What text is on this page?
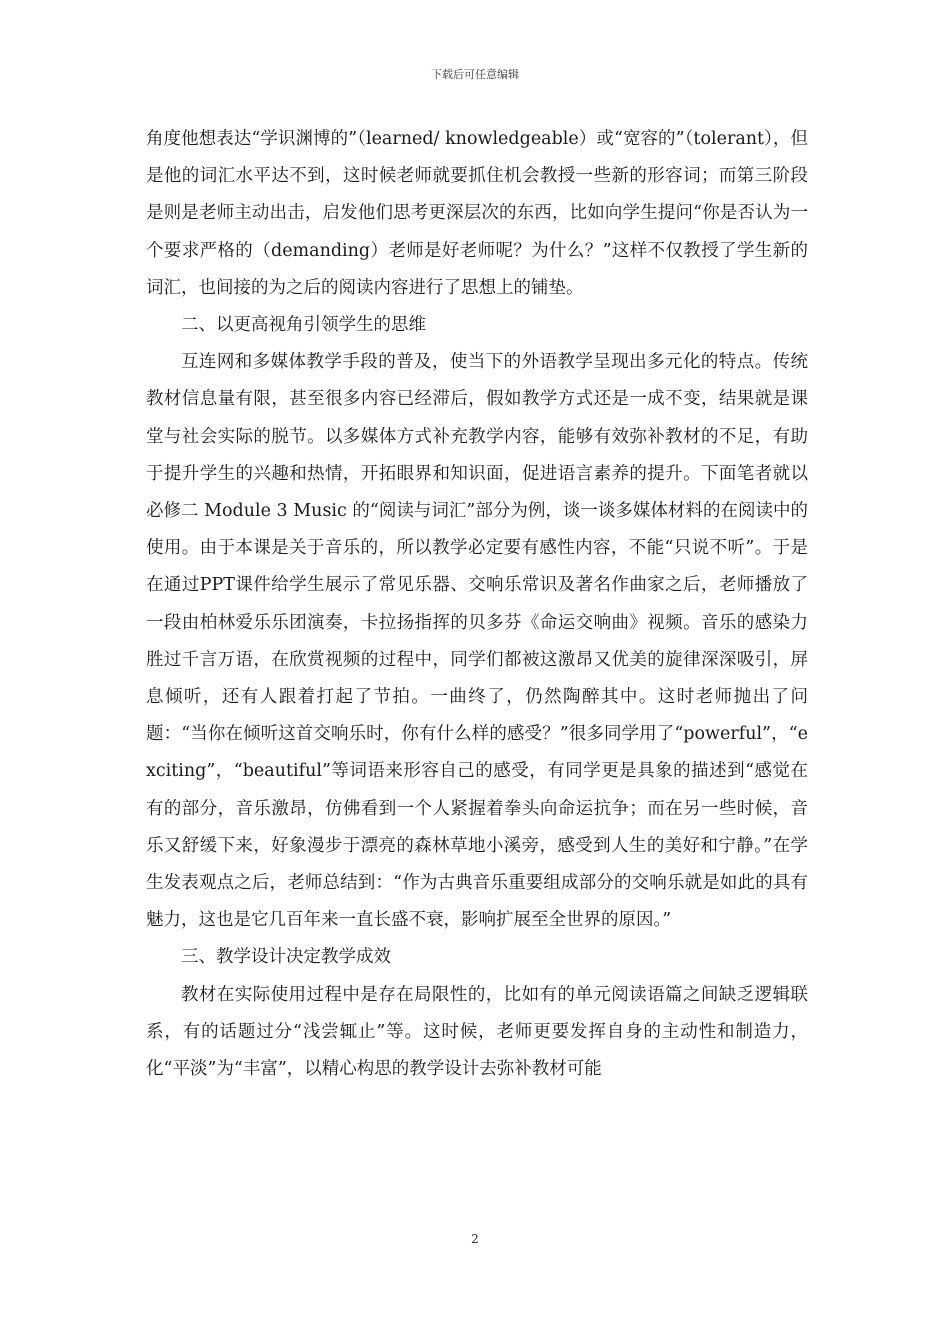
下载后可任意编辑

角度他想表达“学识渊博的”（learned/ knowledgeable）或“宽容的”（tolerant），但是他的词汇水平达不到，这时候老师就要抓住机会教授一些新的形容词；而第三阶段是则是老师主动出击，启发他们思考更深层次的东西，比如向学生提问“你是否认为一个要求严格的（demanding）老师是好老师呢？为什么？”这样不仅教授了学生新的词汇，也间接的为之后的阅读内容进行了思想上的铺垫。

二、以更高视角引领学生的思维

互连网和多媒体教学手段的普及，使当下的外语教学呈现出多元化的特点。传统教材信息量有限，甚至很多内容已经滞后，假如教学方式还是一成不变，结果就是课堂与社会实际的脱节。以多媒体方式补充教学内容，能够有效弥补教材的不足，有助于提升学生的兴趣和热情，开拓眼界和知识面，促进语言素养的提升。下面笔者就以必修二 Module 3 Music 的“阅读与词汇”部分为例，谈一谈多媒体材料的在阅读中的使用。由于本课是关于音乐的，所以教学必定要有感性内容，不能“只说不听”。于是在通过PPT课件给学生展示了常见乐器、交响乐常识及著名作曲家之后，老师播放了一段由柏林爱乐乐团演奏，卡拉扬指挥的贝多芬《命运交响曲》视频。音乐的感染力胜过千言万语，在欣赏视频的过程中，同学们都被这激昂又优美的旋律深深吸引，屏息倾听，还有人跟着打起了节拍。一曲终了，仍然陶醉其中。这时老师抛出了问题：“当你在倾听这首交响乐时，你有什么样的感受？”很多同学用了“powerful”，“exciting”，“beautiful”等词语来形容自己的感受，有同学更是具象的描述到“感觉在有的部分，音乐激昂，仿佛看到一个人紧握着拳头向命运抗争；而在另一些时候，音乐又舒缓下来，好象漫步于漂亮的森林草地小溪旁，感受到人生的美好和宁静。”在学生发表观点之后，老师总结到：“作为古典音乐重要组成部分的交响乐就是如此的具有魅力，这也是它几百年来一直长盛不衰，影响扩展至全世界的原因。”

三、教学设计决定教学成效

教材在实际使用过程中是存在局限性的，比如有的单元阅读语篇之间缺乏逻辑联系，有的话题过分“浅尝辄止”等。这时候，老师更要发挥自身的主动性和制造力，化“平淡”为“丰富”，以精心构思的教学设计去弥补教材可能

2
